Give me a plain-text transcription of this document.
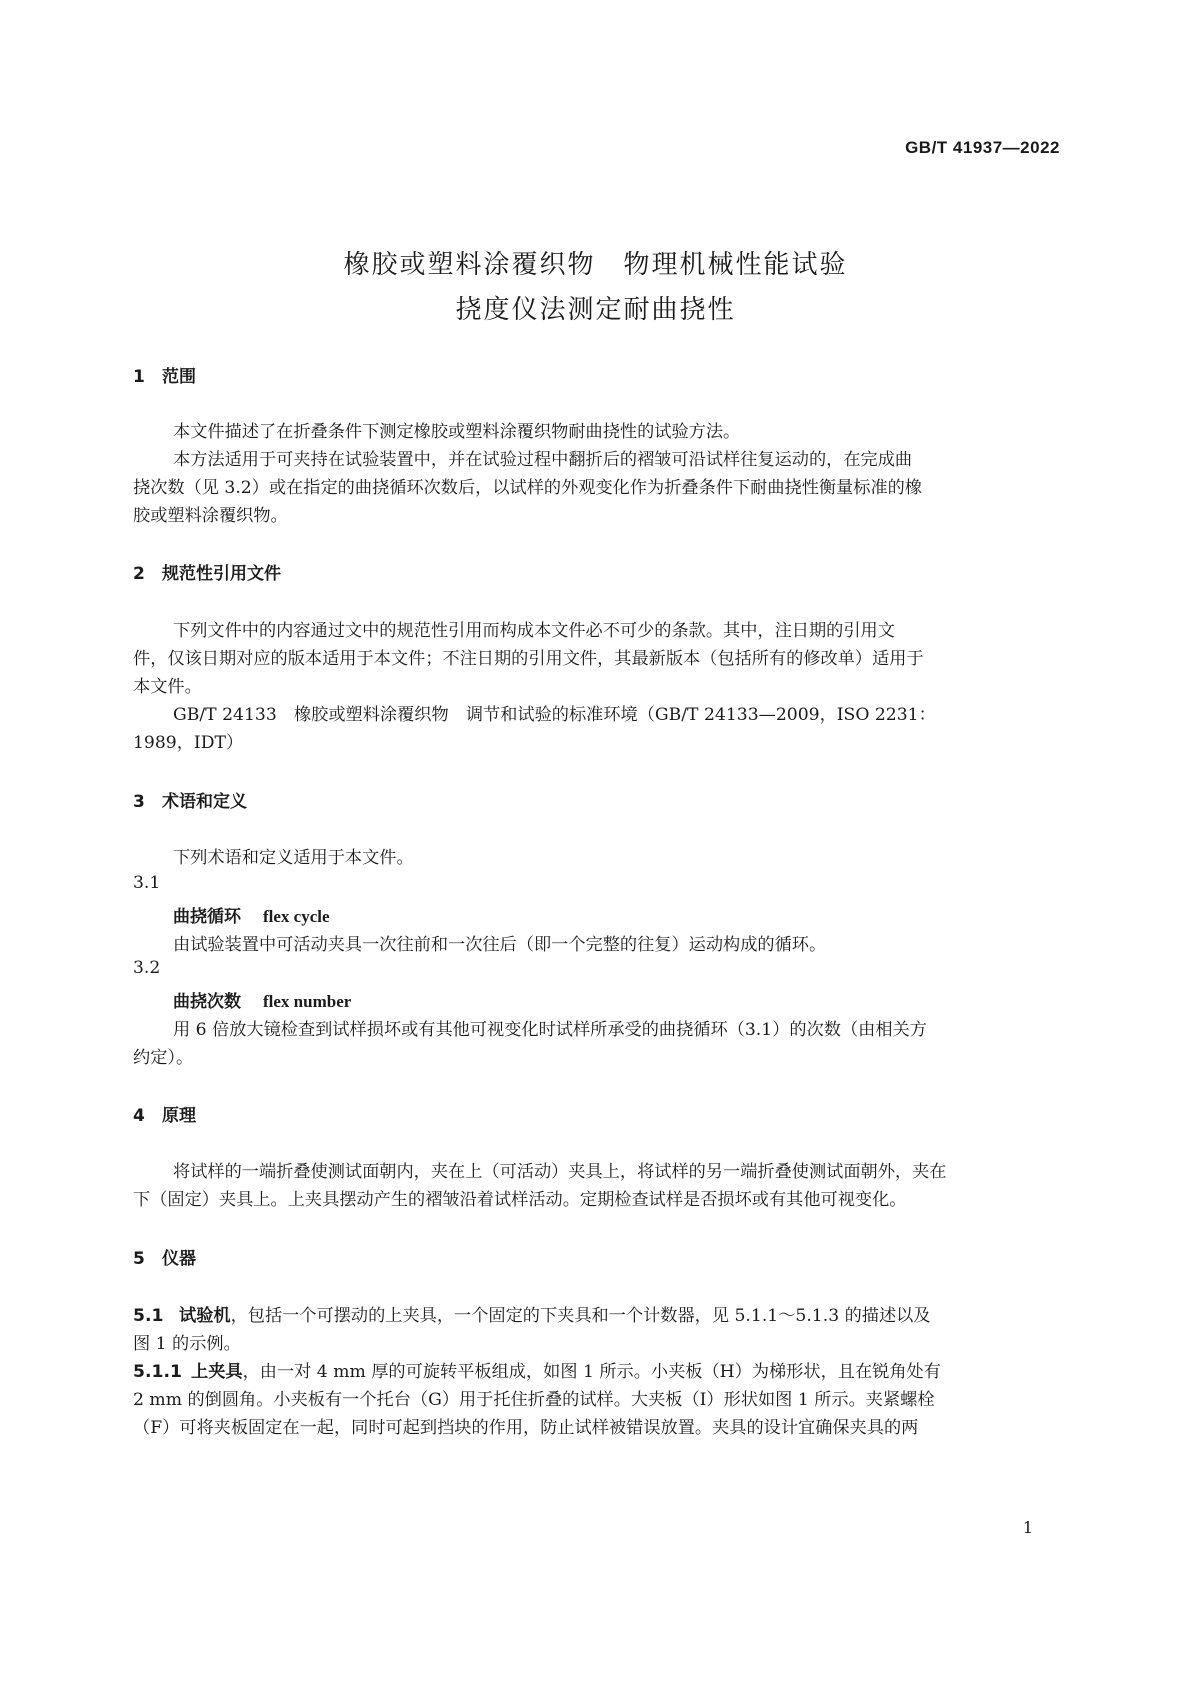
GB/T 41937—2022
橡胶或塑料涂覆织物　物理机械性能试验
挠度仪法测定耐曲挠性
1 范围
本文件描述了在折叠条件下测定橡胶或塑料涂覆织物耐曲挠性的试验方法。
本方法适用于可夹持在试验装置中，并在试验过程中翻折后的褶皱可沿试样往复运动的，在完成曲
挠次数（见 3.2）或在指定的曲挠循环次数后，以试样的外观变化作为折叠条件下耐曲挠性衡量标准的橡
胶或塑料涂覆织物。
2 规范性引用文件
下列文件中的内容通过文中的规范性引用而构成本文件必不可少的条款。其中，注日期的引用文
件，仅该日期对应的版本适用于本文件；不注日期的引用文件，其最新版本（包括所有的修改单）适用于
本文件。
GB/T 24133　橡胶或塑料涂覆织物　调节和试验的标准环境（GB/T 24133—2009，ISO 2231：
1989，IDT）
3 术语和定义
下列术语和定义适用于本文件。
3.1
曲挠循环 flex cycle
由试验装置中可活动夹具一次往前和一次往后（即一个完整的往复）运动构成的循环。
3.2
曲挠次数 flex number
用 6 倍放大镜检查到试样损坏或有其他可视变化时试样所承受的曲挠循环（3.1）的次数（由相关方
约定）。
4 原理
将试样的一端折叠使测试面朝内，夹在上（可活动）夹具上，将试样的另一端折叠使测试面朝外，夹在
下（固定）夹具上。上夹具摆动产生的褶皱沿着试样活动。定期检查试样是否损坏或有其他可视变化。
5 仪器
5.1 试验机，包括一个可摆动的上夹具，一个固定的下夹具和一个计数器，见 5.1.1～5.1.3 的描述以及
图 1 的示例。
5.1.1 上夹具，由一对 4 mm 厚的可旋转平板组成，如图 1 所示。小夹板（H）为梯形状，且在锐角处有
2 mm 的倒圆角。小夹板有一个托台（G）用于托住折叠的试样。大夹板（I）形状如图 1 所示。夹紧螺栓
（F）可将夹板固定在一起，同时可起到挡块的作用，防止试样被错误放置。夹具的设计宜确保夹具的两
1
